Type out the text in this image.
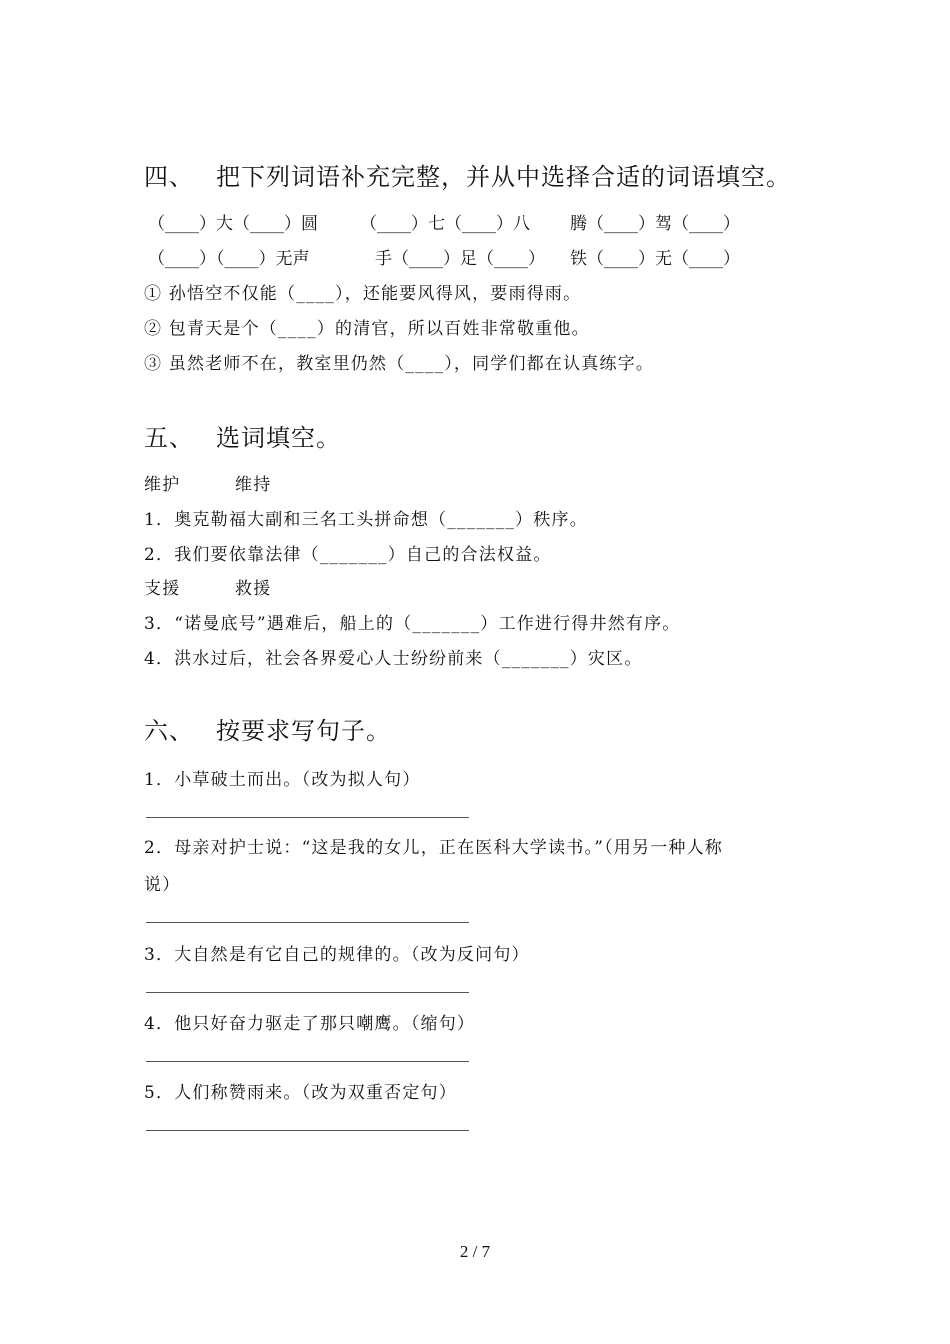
四、 把下列词语补充完整，并从中选择合适的词语填空。
（____）大（____）圆 （____）七（____）八 腾（____）驾（____）
（____）（____）无声	手（____）足（____） 铁（____）无（____）
① 孙悟空不仅能（____），还能要风得风，要雨得雨。
② 包青天是个（____）的清官，所以百姓非常敬重他。
③ 虽然老师不在，教室里仍然（____），同学们都在认真练字。
五、 选词填空。
维护　　　维持
1．奥克勒福大副和三名工头拼命想（_______）秩序。
2．我们要依靠法律（_______）自己的合法权益。
支援　　　救援
3．“诺曼底号”遇难后，船上的（_______）工作进行得井然有序。
4．洪水过后，社会各界爱心人士纷纷前来（_______）灾区。
六、 按要求写句子。
1．小草破土而出。（改为拟人句）
2．母亲对护士说：“这是我的女儿，正在医科大学读书。”（用另一种人称
说）
3．大自然是有它自己的规律的。（改为反问句）
4．他只好奋力驱走了那只嘲鹰。（缩句）
5．人们称赞雨来。（改为双重否定句）
2 / 7
